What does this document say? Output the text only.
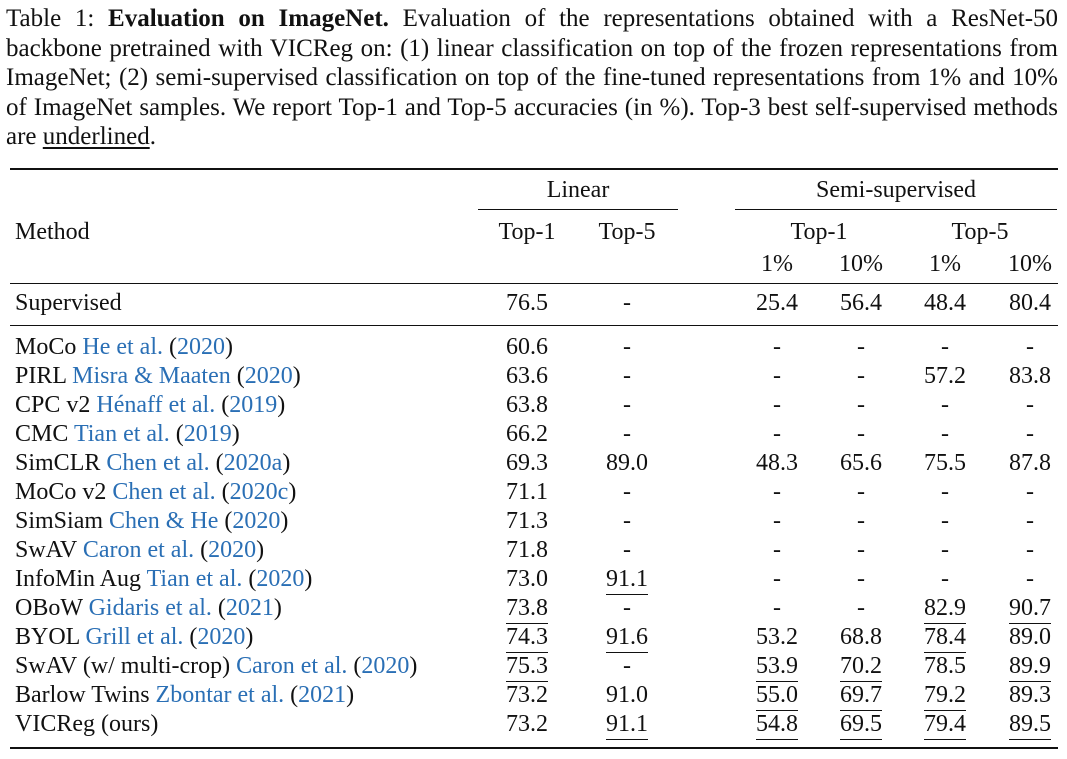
Table 1: Evaluation on ImageNet. Evaluation of the representations obtained with a ResNet-50 backbone pretrained with VICReg on: (1) linear classification on top of the frozen representations from ImageNet; (2) semi-supervised classification on top of the fine-tuned representations from 1% and 10% of ImageNet samples. We report Top-1 and Top-5 accuracies (in %). Top-3 best self-supervised methods are underlined.
Method
Linear	Semi-supervised
Top-1 Top-5	Top-1	Top-5
1% 10% 1% 10%
Supervised	76.5	-	25.4 56.4 48.4 80.4
MoCo He et al. (2020)	60.6	-	-	-	-	-
PIRL Misra & Maaten (2020)	63.6	-	-	- 57.2 83.8
CPC v2 Hénaff et al. (2019)	63.8	-	-	-	-	-
CMC Tian et al. (2019)	66.2	-	-	-	-	-
SimCLR Chen et al. (2020a)	69.3 89.0	48.3 65.6 75.5 87.8
MoCo v2 Chen et al. (2020c)	71.1	-	-	-	-	-
SimSiam Chen & He (2020)	71.3	-	-	-	-	-
SwAV Caron et al. (2020)	71.8	-	-	-	-	-
InfoMin Aug Tian et al. (2020)	73.0 91.1	-	-	-	-
OBoW Gidaris et al. (2021)	73.8	-	-	- 82.9 90.7
BYOL Grill et al. (2020)	74.3 91.6	53.2 68.8 78.4 89.0
SwAV (w/ multi-crop) Caron et al. (2020)	75.3	-	53.9 70.2 78.5 89.9
Barlow Twins Zbontar et al. (2021)	73.2 91.0	55.0 69.7 79.2 89.3
VICReg (ours)	73.2 91.1	54.8 69.5 79.4 89.5
